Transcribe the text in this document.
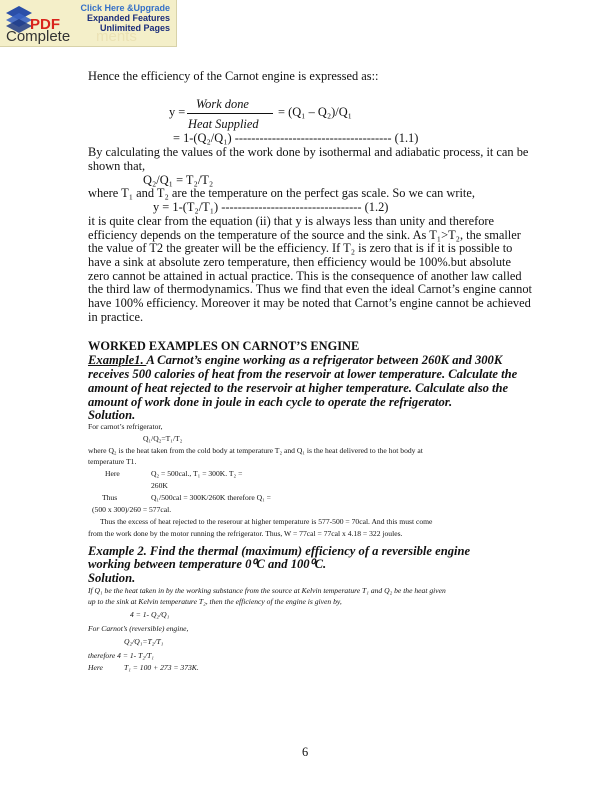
PDF
ments
Complete
Click Here &Upgrade
Expanded Features
Unlimited Pages
Hence the efficiency of the Carnot engine is expressed as::
y =
Work done
Heat Supplied
= (Q₁ – Q₂)/Q₁
= 1-(Q₂/Q₁) -------------------------------------- (1.1)
By calculating the values of the work done by isothermal and adiabatic process, it can be
shown that,
Q₂/Q₁ = T₂/T₂
where T₁ and T₂ are the temperature on the perfect gas scale. So we can write,
y = 1-(T₂/T₁) ---------------------------------- (1.2)
it is quite clear from the equation (ii) that y is always less than unity and therefore
efficiency depends on the temperature of the source and the sink. As T₁>T₂, the smaller
the value of T2 the greater will be the efficiency. If T₂ is zero that is if it is possible to
have a sink at absolute zero temperature, then efficiency would be 100%.but absolute
zero cannot be attained in actual practice. This is the consequence of another law called
the third law of thermodynamics. Thus we find that even the ideal Carnot’s engine cannot
have 100% efficiency. Moreover it may be noted that Carnot’s engine cannot be achieved
in practice.
WORKED EXAMPLES ON CARNOT’S ENGINE
Example1. A Carnot’s engine working as a refrigerator between 260K and 300K
receives 500 calories of heat from the reservoir at lower temperature. Calculate the
amount of heat rejected to the reservoir at higher temperature. Calculate also the
amount of work done in joule in each cycle to operate the refrigerator.
Solution.
For carnot’s refrigerator,
Q₁/Q₂=T₁/T₂
where Q₂ is the heat taken from the cold body at temperature T₂ and Q₁ is the heat delivered to the hot body at
temperature T1.
Here	Q₂ = 500cal., T₁ = 300K. T₂ =
260K
Thus	Q₁/500cal = 300K/260K therefore Q₁ =
(500 x 300)/260 = 577cal.
Thus the excess of heat rejected to the reserour at higher temperature is 577-500 = 70cal. And this must come
from the work done by the motor running the refrigerator. Thus, W = 77cal = 77cal x 4.18 = 322 joules.
Example 2. Find the thermal (maximum) efficiency of a reversible engine
working between temperature 0⁰C and 100⁰C.
Solution.
If Q₁ be the heat taken in by the working substance from the source at Kelvin temperature T₁ and Q₂ be the heat given
up to the sink at Kelvin temperature T₂, then the efficiency of the engine is given by,
4 = 1- Q₂/Q₁
For Carnot’s (reversible) engine,
Q₂/Q₁=T₂/T₁
therefore 4 = 1- T₂/T₁
Here	T₁ = 100 + 273 = 373K.
6
